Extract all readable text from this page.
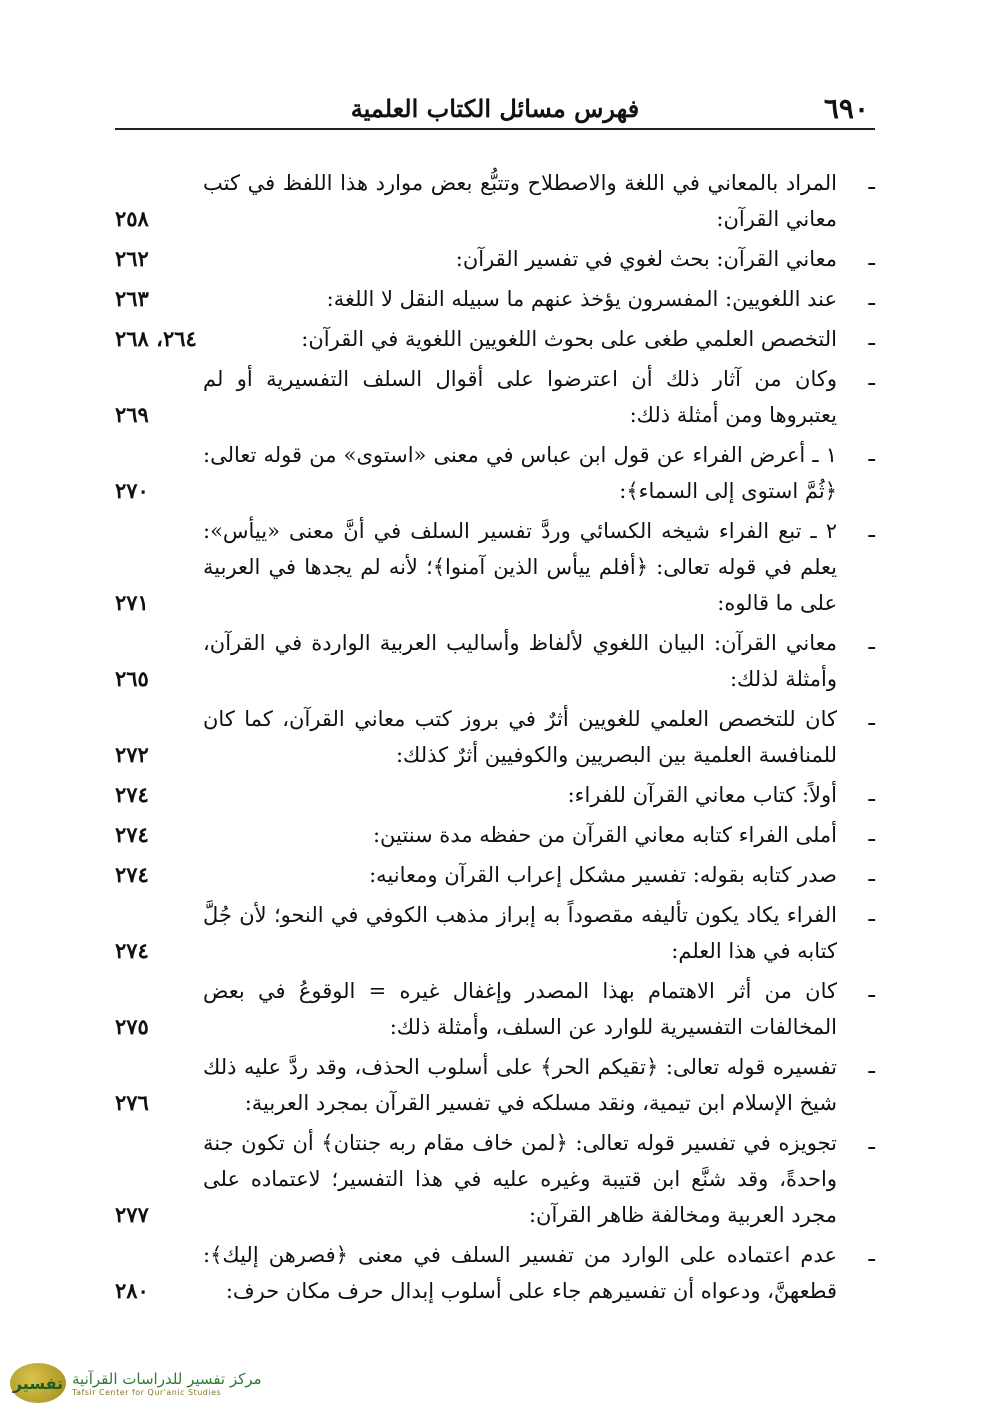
٦٩٠
فهرس مسائل الكتاب العلمية
ـ
المراد بالمعاني في اللغة والاصطلاح وتتبُّع بعض موارد هذا اللفظ في كتب معاني القرآن:
٢٥٨
ـ
معاني القرآن: بحث لغوي في تفسير القرآن:
٢٦٢
ـ
عند اللغويين: المفسرون يؤخذ عنهم ما سبيله النقل لا اللغة:
٢٦٣
ـ
التخصص العلمي طغى على بحوث اللغويين اللغوية في القرآن:
٢٦٤، ٢٦٨
ـ
وكان من آثار ذلك أن اعترضوا على أقوال السلف التفسيرية أو لم يعتبروها ومن أمثلة ذلك:
٢٦٩
ـ
١ ـ أعرض الفراء عن قول ابن عباس في معنى «استوى» من قوله تعالى: ﴿ثُمَّ استوى إلى السماء﴾:
٢٧٠
ـ
٢ ـ تبع الفراء شيخه الكسائي وردَّ تفسير السلف في أنَّ معنى «ييأس»: يعلم في قوله تعالى: ﴿أفلم ييأس الذين آمنوا﴾؛ لأنه لم يجدها في العربية على ما قالوه:
٢٧١
ـ
معاني القرآن: البيان اللغوي لألفاظ وأساليب العربية الواردة في القرآن، وأمثلة لذلك:
٢٦٥
ـ
كان للتخصص العلمي للغويين أثرٌ في بروز كتب معاني القرآن، كما كان للمنافسة العلمية بين البصريين والكوفيين أثرٌ كذلك:
٢٧٢
ـ
أولاً: كتاب معاني القرآن للفراء:
٢٧٤
ـ
أملى الفراء كتابه معاني القرآن من حفظه مدة سنتين:
٢٧٤
ـ
صدر كتابه بقوله: تفسير مشكل إعراب القرآن ومعانيه:
٢٧٤
ـ
الفراء يكاد يكون تأليفه مقصوداً به إبراز مذهب الكوفي في النحو؛ لأن جُلَّ كتابه في هذا العلم:
٢٧٤
ـ
كان من أثر الاهتمام بهذا المصدر وإغفال غيره = الوقوعُ في بعض المخالفات التفسيرية للوارد عن السلف، وأمثلة ذلك:
٢٧٥
ـ
تفسيره قوله تعالى: ﴿تقيكم الحر﴾ على أسلوب الحذف، وقد ردَّ عليه ذلك شيخ الإسلام ابن تيمية، ونقد مسلكه في تفسير القرآن بمجرد العربية:
٢٧٦
ـ
تجويزه في تفسير قوله تعالى: ﴿لمن خاف مقام ربه جنتان﴾ أن تكون جنة واحدةً، وقد شنَّع ابن قتيبة وغيره عليه في هذا التفسير؛ لاعتماده على مجرد العربية ومخالفة ظاهر القرآن:
٢٧٧
ـ
عدم اعتماده على الوارد من تفسير السلف في معنى ﴿فصرهن إليك﴾: قطعهنَّ، ودعواه أن تفسيرهم جاء على أسلوب إبدال حرف مكان حرف:
٢٨٠
تفسير مركز تفسير للدراسات القرآنية
Tafsir Center for Qur'anic Studies
